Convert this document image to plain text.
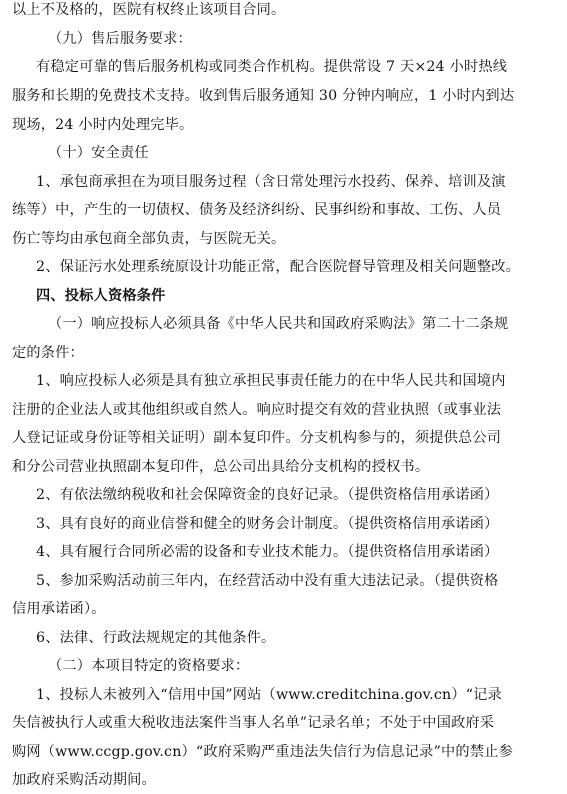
以上不及格的，医院有权终止该项目合同。
（九）售后服务要求：
有稳定可靠的售后服务机构或同类合作机构。提供常设 7 天×24 小时热线
服务和长期的免费技术支持。收到售后服务通知 30 分钟内响应，1 小时内到达
现场，24 小时内处理完毕。
（十）安全责任
1、承包商承担在为项目服务过程（含日常处理污水投药、保养、培训及演
练等）中，产生的一切债权、债务及经济纠纷、民事纠纷和事故、工伤、人员
伤亡等均由承包商全部负责，与医院无关。
2、保证污水处理系统原设计功能正常，配合医院督导管理及相关问题整改。
四、投标人资格条件
（一）响应投标人必须具备《中华人民共和国政府采购法》第二十二条规
定的条件：
1、响应投标人必须是具有独立承担民事责任能力的在中华人民共和国境内
注册的企业法人或其他组织或自然人。响应时提交有效的营业执照（或事业法
人登记证或身份证等相关证明）副本复印件。分支机构参与的，须提供总公司
和分公司营业执照副本复印件，总公司出具给分支机构的授权书。
2、有依法缴纳税收和社会保障资金的良好记录。（提供资格信用承诺函）
3、具有良好的商业信誉和健全的财务会计制度。（提供资格信用承诺函）
4、具有履行合同所必需的设备和专业技术能力。（提供资格信用承诺函）
5、参加采购活动前三年内，在经营活动中没有重大违法记录。（提供资格
信用承诺函）。
6、法律、行政法规规定的其他条件。
（二）本项目特定的资格要求：
1、投标人未被列入“信用中国”网站（www.creditchina.gov.cn）“记录
失信被执行人或重大税收违法案件当事人名单”记录名单；不处于中国政府采
购网（www.ccgp.gov.cn）“政府采购严重违法失信行为信息记录”中的禁止参
加政府采购活动期间。
